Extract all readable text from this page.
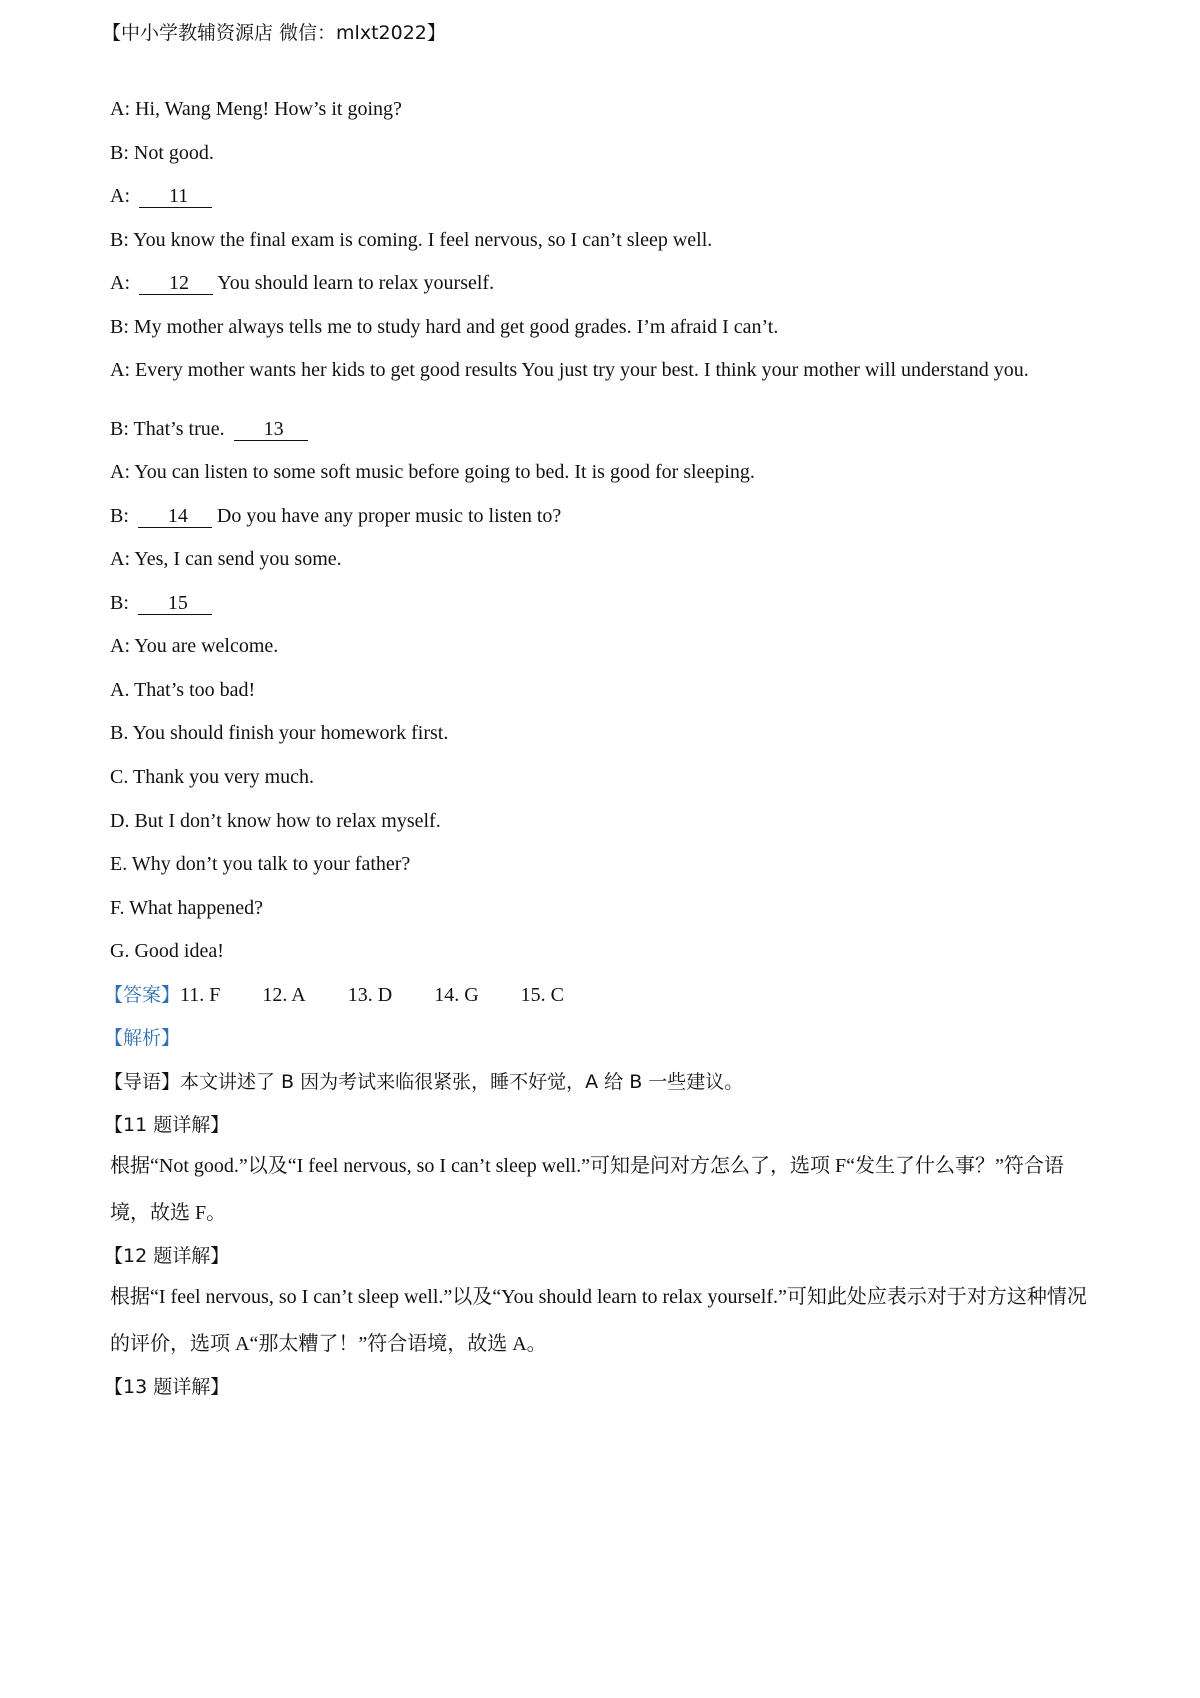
【中小学教辅资源店 微信：mlxt2022】
A: Hi, Wang Meng! How’s it going?
B: Not good.
A: 11
B: You know the final exam is coming. I feel nervous, so I can’t sleep well.
A: 12 You should learn to relax yourself.
B: My mother always tells me to study hard and get good grades. I’m afraid I can’t.
A: Every mother wants her kids to get good results You just try your best. I think your mother will understand you.
B: That’s true. 13
A: You can listen to some soft music before going to bed. It is good for sleeping.
B: 14 Do you have any proper music to listen to?
A: Yes, I can send you some.
B: 15
A: You are welcome.
A. That’s too bad!
B. You should finish your homework first.
C. Thank you very much.
D. But I don’t know how to relax myself.
E. Why don’t you talk to your father?
F. What happened?
G. Good idea!
【答案】11. F 12. A 13. D 14. G 15. C
【解析】
【导语】本文讲述了 B 因为考试来临很紧张，睡不好觉，A 给 B 一些建议。
【11 题详解】
根据“Not good.”以及“I feel nervous, so I can’t sleep well.”可知是问对方怎么了，选项 F“发生了什么事？”符合语境，故选 F。
【12 题详解】
根据“I feel nervous, so I can’t sleep well.”以及“You should learn to relax yourself.”可知此处应表示对于对方这种情况的评价，选项 A“那太糟了！”符合语境，故选 A。
【13 题详解】
